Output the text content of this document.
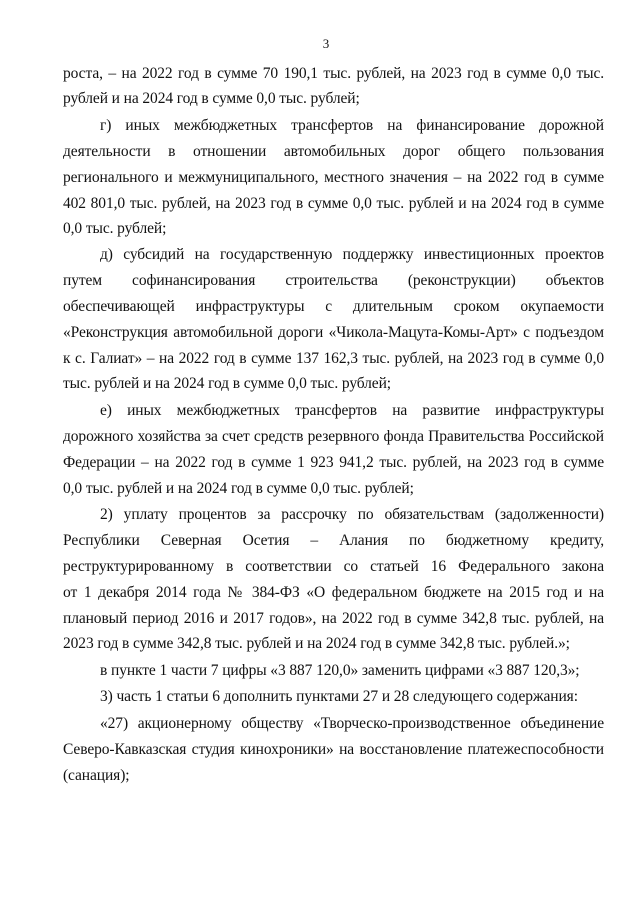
3
роста, – на 2022 год в сумме 70 190,1 тыс. рублей, на 2023 год в сумме 0,0 тыс.
рублей и на 2024 год в сумме 0,0 тыс. рублей;
г) иных межбюджетных трансфертов на финансирование дорожной
деятельности в отношении автомобильных дорог общего пользования
регионального и межмуниципального, местного значения – на 2022 год в сумме
402 801,0 тыс. рублей, на 2023 год в сумме 0,0 тыс. рублей и на 2024 год в сумме
0,0 тыс. рублей;
д) субсидий на государственную поддержку инвестиционных проектов
путем софинансирования строительства (реконструкции) объектов
обеспечивающей инфраструктуры с длительным сроком окупаемости
«Реконструкция автомобильной дороги «Чикола-Мацута-Комы-Арт» с подъездом
к с. Галиат» – на 2022 год в сумме 137 162,3 тыс. рублей, на 2023 год в сумме 0,0
тыс. рублей и на 2024 год в сумме 0,0 тыс. рублей;
е) иных межбюджетных трансфертов на развитие инфраструктуры
дорожного хозяйства за счет средств резервного фонда Правительства Российской
Федерации – на 2022 год в сумме 1 923 941,2 тыс. рублей, на 2023 год в сумме
0,0 тыс. рублей и на 2024 год в сумме 0,0 тыс. рублей;
2) уплату процентов за рассрочку по обязательствам (задолженности)
Республики Северная Осетия – Алания по бюджетному кредиту,
реструктурированному в соответствии со статьей 16 Федерального закона
от 1 декабря 2014 года № 384-ФЗ «О федеральном бюджете на 2015 год и на
плановый период 2016 и 2017 годов», на 2022 год в сумме 342,8 тыс. рублей, на
2023 год в сумме 342,8 тыс. рублей и на 2024 год в сумме 342,8 тыс. рублей.»;
в пункте 1 части 7 цифры «3 887 120,0» заменить цифрами «3 887 120,3»;
3) часть 1 статьи 6 дополнить пунктами 27 и 28 следующего содержания:
«27) акционерному обществу «Творческо-производственное объединение
Северо-Кавказская студия кинохроники» на восстановление платежеспособности
(санация);
